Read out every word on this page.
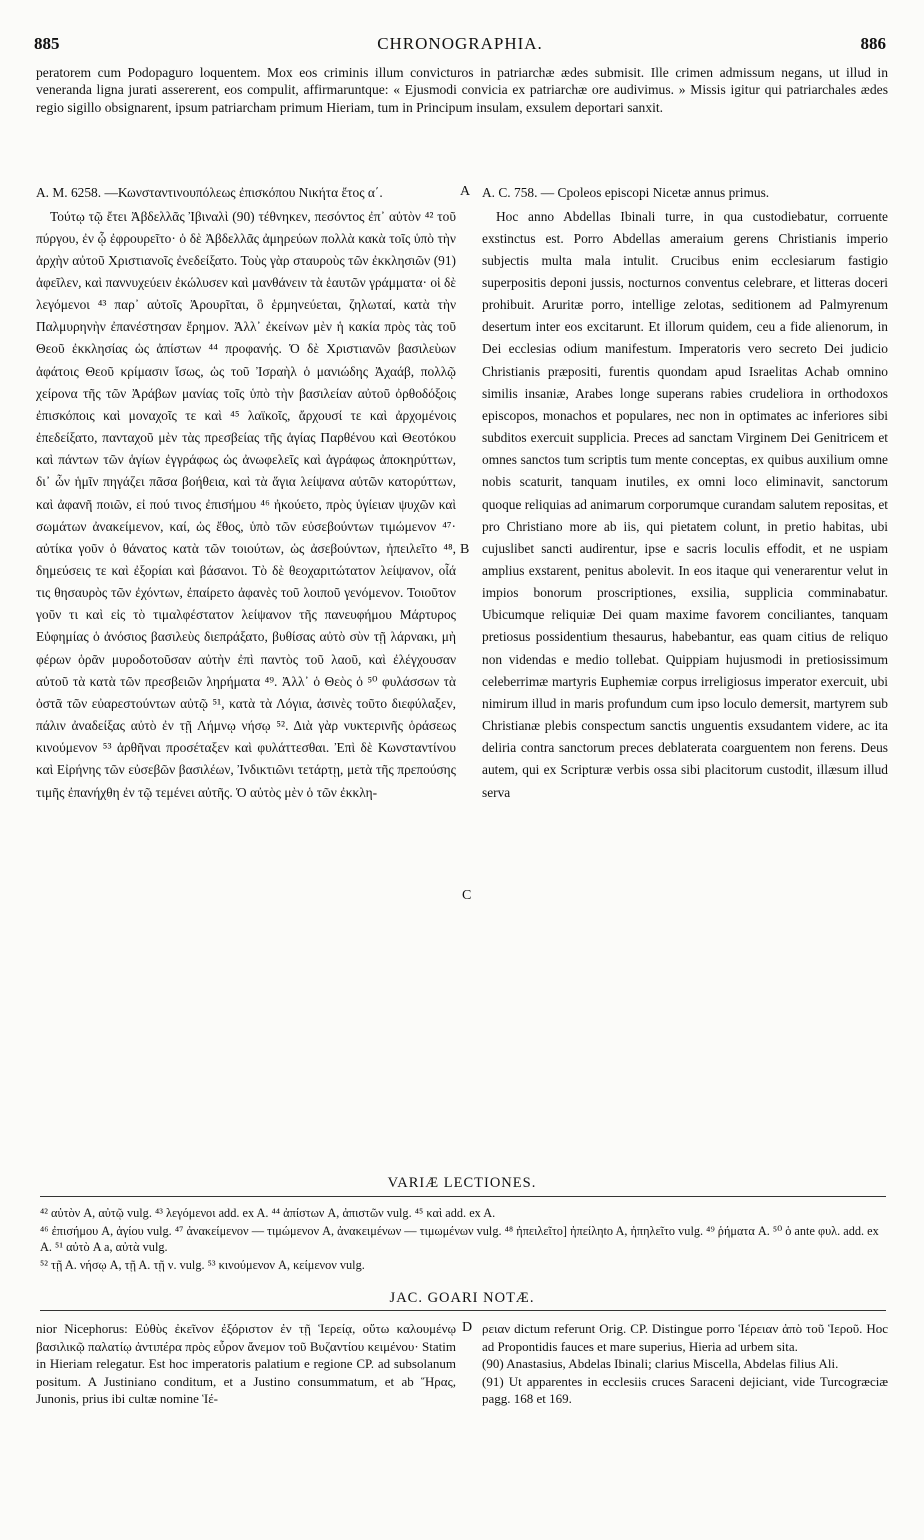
885	CHRONOGRAPHIA.	886
peratorem cum Podopaguro loquentem. Mox eos criminis illum convicturos in patriarchæ ædes submisit. Ille crimen admissum negans, ut illud in veneranda ligna jurati assererent, eos compulit, affirmaruntque: « Ejusmodi convicia ex patriarchæ ore audivimus. » Missis igitur qui patriarchales ædes regio sigillo obsignarent, ipsum patriarcham primum Hieriam, tum in Principum insulam, exsulem deportari sanxit.
A. M. 6258. —Κωνσταντινουπόλεως ἐπισκόπου Νικήτα ἔτος α΄.

Τούτῳ τῷ ἔτει Ἀβδελλᾶς Ἰβιναλὶ (90) τέθνηκεν, πεσόντος ἐπ᾽ αὐτὸν ⁴² τοῦ πύργου, ἐν ᾧ ἐφρουρεῖτο· ὁ δὲ Ἀβδελλᾶς ἀμηρεύων πολλὰ κακὰ τοῖς ὑπὸ τὴν ἀρχὴν αὐτοῦ Χριστιανοῖς ἐνεδείξατο. Τοὺς γὰρ σταυροὺς τῶν ἐκκλησιῶν (91) ἀφεῖλεν, καὶ παννυχεύειν ἐκώλυσεν καὶ μανθάνειν τὰ ἑαυτῶν γράμματα· οἱ δὲ λεγόμενοι ⁴³ παρ᾽ αὐτοῖς Ἀρουρῖται, ὃ ἑρμηνεύεται, ζηλωταί, κατὰ τὴν Παλμυρηνὴν ἐπανέστησαν ἔρημον. Ἀλλ᾽ ἐκείνων μὲν ἡ κακία πρὸς τὰς τοῦ Θεοῦ ἐκκλησίας ὡς ἀπίστων ⁴⁴ προφανής. Ὁ δὲ Χριστιανῶν βασιλεὺων ἀφάτοις Θεοῦ κρίμασιν ἴσως, ὡς τοῦ Ἰσραὴλ ὁ μανιώδης Ἀχαάβ, πολλῷ χείρονα τῆς τῶν Ἀράβων μανίας τοῖς ὑπὸ τὴν βασιλείαν αὐτοῦ ὀρθοδόξοις ἐπισκόποις καὶ μοναχοῖς τε καὶ ⁴⁵ λαϊκοῖς, ἄρχουσί τε καὶ ἀρχομένοις ἐπεδείξατο, πανταχοῦ μὲν τὰς πρεσβείας τῆς ἁγίας Παρθένου καὶ Θεοτόκου καὶ πάντων τῶν ἁγίων ἐγγράφως ὡς ἀνωφελεῖς καὶ ἀγράφως ἀποκηρύττων, δι᾽ ὧν ἡμῖν πηγάζει πᾶσα βοήθεια, καὶ τὰ ἅγια λείψανα αὐτῶν κατορύττων, καὶ ἀφανῆ ποιῶν, εἰ πού τινος ἐπισήμου ⁴⁶ ἠκούετο, πρὸς ὑγίειαν ψυχῶν καὶ σωμάτων ἀνακείμενον, καί, ὡς ἔθος, ὑπὸ τῶν εὐσεβούντων τιμώμενον ⁴⁷· αὐτίκα γοῦν ὁ θάνατος κατὰ τῶν τοιούτων, ὡς ἀσεβούντων, ἠπειλεῖτο ⁴⁸, δημεύσεις τε καὶ ἐξορίαι καὶ βάσανοι. Τὸ δὲ θεοχαριτώτατον λείψανον, οἷά τις θησαυρὸς τῶν ἐχόντων, ἐπαίρετο ἀφανὲς τοῦ λοιποῦ γενόμενον. Τοιοῦτον γοῦν τι καὶ εἰς τὸ τιμαλφέστατον λείψανον τῆς πανευφήμου Μάρτυρος Εὐφημίας ὁ ἀνόσιος βασιλεὺς διεπράξατο, βυθίσας αὐτὸ σὺν τῇ λάρνακι, μὴ φέρων ὁρᾶν μυροδοτοῦσαν αὐτὴν ἐπὶ παντὸς τοῦ λαοῦ, καὶ ἐλέγχουσαν αὐτοῦ τὰ κατὰ τῶν πρεσβειῶν ληρήματα ⁴⁹. Ἀλλ᾽ ὁ Θεὸς ὁ ⁵⁰ φυλάσσων τὰ ὀστᾶ τῶν εὐαρεστούντων αὐτῷ ⁵¹, κατὰ τὰ Λόγια, ἀσινὲς τοῦτο διεφύλαξεν, πάλιν ἀναδείξας αὐτὸ ἐν τῇ Λήμνῳ νήσῳ ⁵². Διὰ γὰρ νυκτερινῆς ὁράσεως κινούμενον ⁵³ ἀρθῆναι προσέταξεν καὶ φυλάττεσθαι. Ἐπὶ δὲ Κωνσταντίνου καὶ Εἰρήνης τῶν εὐσεβῶν βασιλέων, Ἰνδικτιῶνι τετάρτῃ, μετὰ τῆς πρεπούσης τιμῆς ἐπανήχθη ἐν τῷ τεμένει αὐτῆς. Ὁ αὐτὸς μὲν ὁ τῶν ἐκκλη-

A
B
C
A. C. 758. — Cpoleos episcopi Nicetæ annus primus.

Hoc anno Abdellas Ibinali turre, in qua custodiebatur, corruente exstinctus est. Porro Abdellas ameraium gerens Christianis imperio subjectis multa mala intulit. Crucibus enim ecclesiarum fastigio superpositis deponi jussis, nocturnos conventus celebrare, et litteras doceri prohibuit. Aruritæ porro, intellige zelotas, seditionem ad Palmyrenum desertum inter eos excitarunt. Et illorum quidem, ceu a fide alienorum, in Dei ecclesias odium manifestum. Imperatoris vero secreto Dei judicio Christianis præpositi, furentis quondam apud Israelitas Achab omnino similis insaniæ, Arabes longe superans rabies crudeliora in orthodoxos episcopos, monachos et populares, nec non in optimates ac inferiores sibi subditos exercuit supplicia. Preces ad sanctam Virginem Dei Genitricem et omnes sanctos tum scriptis tum mente conceptas, ex quibus auxilium omne nobis scaturit, tanquam inutiles, ex omni loco eliminavit, sanctorum quoque reliquias ad animarum corporumque curandam salutem repositas, et pro Christiano more ab iis, qui pietatem colunt, in pretio habitas, ubi cujuslibet sancti audirentur, ipse e sacris loculis effodit, et ne uspiam amplius exstarent, penitus abolevit. In eos itaque qui venerarentur velut in impios bonorum proscriptiones, exsilia, supplicia comminabatur. Ubicumque reliquiæ Dei quam maxime favorem conciliantes, tanquam pretiosus possidentium thesaurus, habebantur, eas quam citius de reliquo non videndas e medio tollebat. Quippiam hujusmodi in pretiosissimum celeberrimæ martyris Euphemiæ corpus irreligiosus imperator exercuit, ubi nimirum illud in maris profundum cum ipso loculo demersit, martyrem sub Christianæ plebis conspectum sanctis unguentis exsudantem videre, ac ita deliria contra sanctorum preces deblaterata coarguentem non ferens. Deus autem, qui ex Scripturæ verbis ossa sibi placitorum custodit, illæsum illud serva

VARIÆ LECTIONES.
⁴² αὐτὸν A, αὐτῷ vulg. ⁴³ λεγόμενοι add. ex A. ⁴⁴ ἀπίστων A, ἀπιστῶν vulg. ⁴⁵ καὶ add. ex A.
⁴⁶ ἐπισήμου A, ἁγίου vulg. ⁴⁷ ἀνακείμενον — τιμώμενον A, ἀνακειμένων — τιμωμένων vulg. ⁴⁸ ἠπειλεῖτο] ἠπείληto A, ἠπηλεῖτο vulg. ⁴⁹ ῥήματα A. ⁵⁰ ὁ ante φυλ. add. ex A. ⁵¹ αὐτὸ A a, αὐτὰ vulg.
⁵² τῇ Α. νήσῳ A, τῇ Α. τῇ ν. vulg. ⁵³ κινούμενον A, κείμενον vulg.
JAC. GOARI NOTÆ.
nior Nicephorus: Εὐθὺς ἐκεῖνον ἐξόριστον ἐν τῇ Ἱερείᾳ, οὕτω καλουμένῳ βασιλικῷ παλατίῳ ἀντιπέρα πρὸς εὖρον ἄνεμον τοῦ Βυζαντίου κειμένου· Statim in Hieriam relegatur. Est hoc imperatoris palatium e regione CP. ad subsolanum positum. A Justiniano conditum, et a Justino consummatum, et ab Ἥρας, Junonis, prius ibi cultæ nomine Ἱέ-
D ρειαν dictum referunt Orig. CP. Distingue porro Ἱέρειαν ἀπὸ τοῦ Ἱεροῦ. Hoc ad Propontidis fauces et mare superius, Hieria ad urbem sita.

(90) Anastasius, Abdelas Ibinali; clarius Miscella, Abdelas filius Ali.

(91) Ut apparentes in ecclesiis cruces Saraceni dejiciant, vide Turcogræciæ pagg. 168 et 169.
